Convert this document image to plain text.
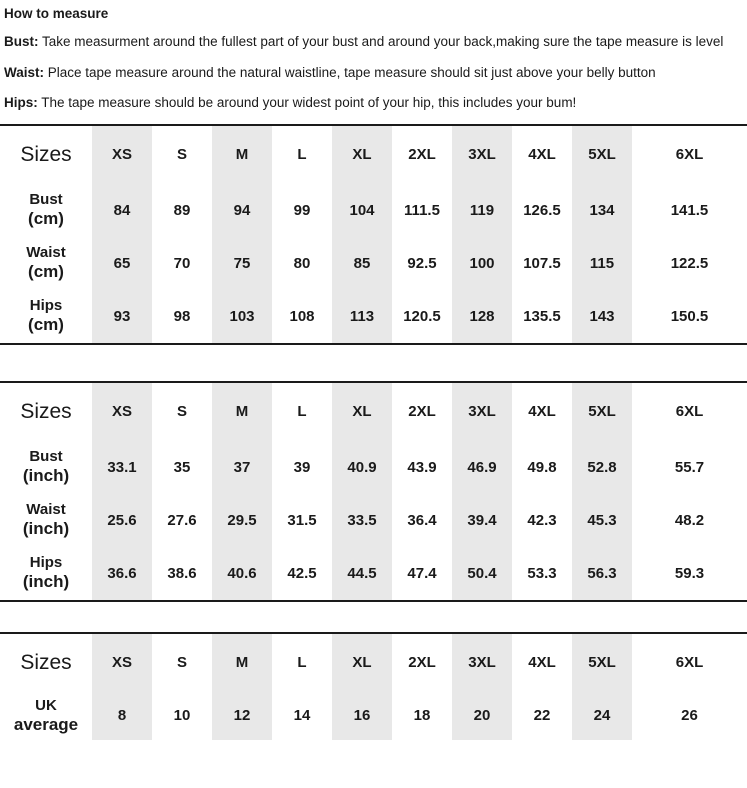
How to measure

Bust: Take measurment around the fullest part of your bust and around your back,making sure the tape measure is level

Waist: Place tape measure around the natural waistline, tape measure should sit just above your belly button

Hips: The tape measure should be around your widest point of your hip, this includes your bum!

Sizes	XS	S	M	L	XL	2XL	3XL	4XL	5XL	6XL
Bust
(cm)	84	89	94	99	104	111.5	119	126.5	134	141.5
Waist
(cm)	65	70	75	80	85	92.5	100	107.5	115	122.5
Hips
(cm)	93	98	103	108	113	120.5	128	135.5	143	150.5
Sizes	XS	S	M	L	XL	2XL	3XL	4XL	5XL	6XL
Bust
(inch)	33.1	35	37	39	40.9	43.9	46.9	49.8	52.8	55.7
Waist
(inch)	25.6	27.6	29.5	31.5	33.5	36.4	39.4	42.3	45.3	48.2
Hips
(inch)	36.6	38.6	40.6	42.5	44.5	47.4	50.4	53.3	56.3	59.3
Sizes	XS	S	M	L	XL	2XL	3XL	4XL	5XL	6XL
UK
average	8	10	12	14	16	18	20	22	24	26
